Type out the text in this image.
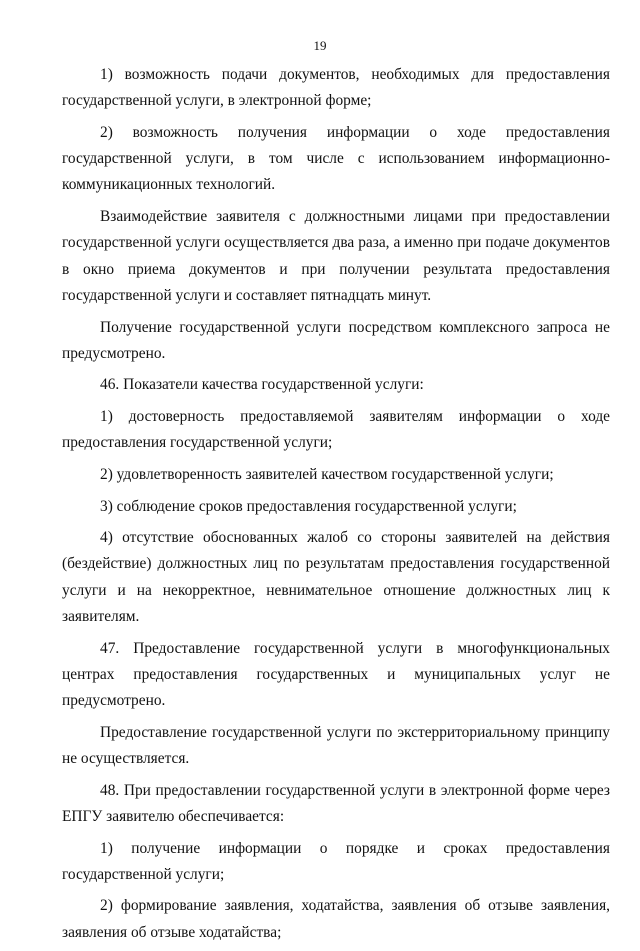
19

1) возможность подачи документов, необходимых для предоставления государственной услуги, в электронной форме;

2) возможность получения информации о ходе предоставления государственной услуги, в том числе с использованием информационно-коммуникационных технологий.

Взаимодействие заявителя с должностными лицами при предоставлении государственной услуги осуществляется два раза, а именно при подаче документов в окно приема документов и при получении результата предоставления государственной услуги и составляет пятнадцать минут.

Получение государственной услуги посредством комплексного запроса не предусмотрено.

46. Показатели качества государственной услуги:

1) достоверность предоставляемой заявителям информации о ходе предоставления государственной услуги;

2) удовлетворенность заявителей качеством государственной услуги;

3) соблюдение сроков предоставления государственной услуги;

4) отсутствие обоснованных жалоб со стороны заявителей на действия (бездействие) должностных лиц по результатам предоставления государственной услуги и на некорректное, невнимательное отношение должностных лиц к заявителям.

47. Предоставление государственной услуги в многофункциональных центрах предоставления государственных и муниципальных услуг не предусмотрено.

Предоставление государственной услуги по экстерриториальному принципу не осуществляется.

48. При предоставлении государственной услуги в электронной форме через ЕПГУ заявителю обеспечивается:

1) получение информации о порядке и сроках предоставления государственной услуги;

2) формирование заявления, ходатайства, заявления об отзыве заявления, заявления об отзыве ходатайства;
